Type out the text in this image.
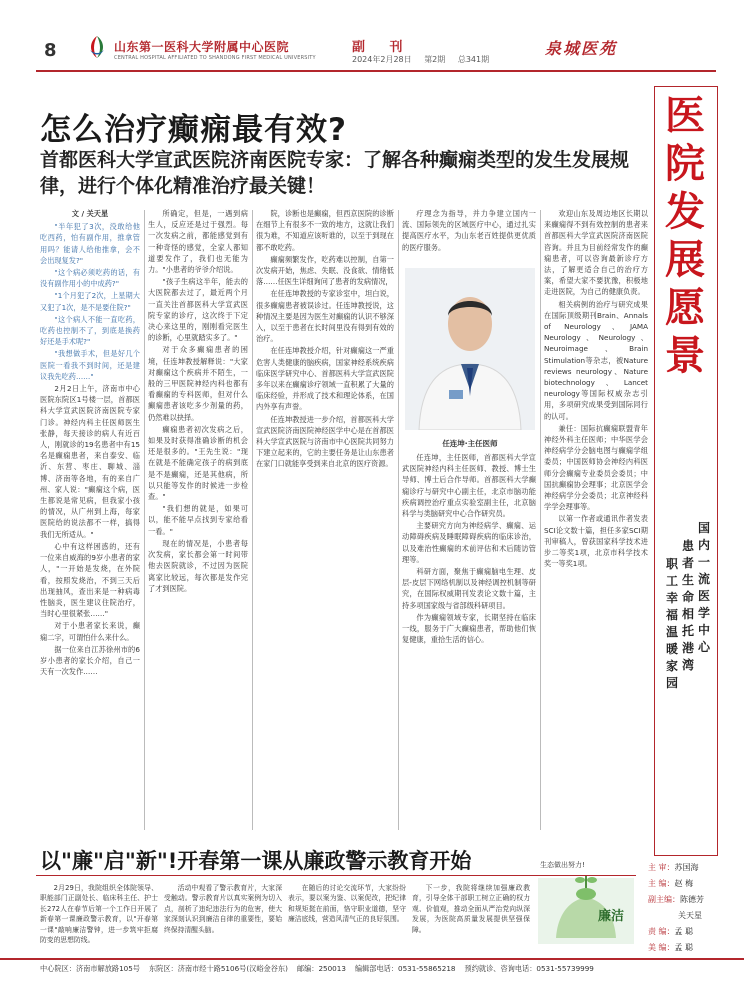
8	山东第一医科大学附属中心医院
CENTRAL HOSPITAL AFFILIATED TO SHANDONG FIRST MEDICAL UNIVERSITY
副 刊
2024年2月28日 第2期 总341期
泉城医苑
怎么治疗癫痫最有效?
首都医科大学宣武医院济南医院专家：了解各种癫痫类型的发生发展规律，进行个体化精准治疗最关键！

文 / 关天星

"半年犯了3次，没敢给他吃西药，怕有副作用，推拿管用吗？能请人给他推拿，会不会出现复发?"

"这个病必须吃药的话，有没有副作用小的中成药?"

"1个月犯了2次，上星期大又犯了1次，是不是要住院?"

"这个病人不能一直吃药，吃药也控制不了，到底是换药好还是手术呢?"

"我想做手术，但是好几个医院一看我不到时间，还是建议我先吃药……"

2月2日上午，济南市中心医院东院区1号楼一层，首都医科大学宣武医院济南医院专家门诊。神经内科主任医师医生张静，每天接诊的病人有近百人，刚就诊的19名患者中有15名是癫痫患者，来自泰安、临沂、东营、枣庄、聊城、淄博、济南等各地，有的来自广州、家人说："癫痫这个病，医生都说是常见病，但我家小孩的情况，从广州到上海，每家医院给的说法都不一样，搞得我们无所适从。"

心中有这样困惑的，还有一位来自威海的9岁小患者的家人，"一开始是发烧，在外院看，按照发烧治，不到三天后出现抽风，查出来是一种病毒性脑炎，医生建议住院治疗，当时心里很紧张……"

对于小患者家长来说，癫痫二字，可谓怕什么来什么。

据一位来自江苏徐州市的6岁小患者的家长介绍，自己一天有一次发作……

所确定，但是，一遇到病生人，反应还是过于强烈。每一次发病之前，都能感觉到有一种奇怪的感觉，全家人都知道要发作了，我们也无能为力。"小患者的爷爷介绍说。

"孩子生病这半年，能去的大医院都去过了，最近两个月一直关注首都医科大学宣武医院专家的诊疗，这次终于下定决心来这里的，刚刚看完医生的诊断，心里就踏实多了。"

对于众多癫痫患者的困境，任连坤教授解释说："大家对癫痫这个疾病并不陌生，一般的三甲医院神经内科也都有看癫痫的专科医师，但对什么癫痫患者该吃多少剂量的药，仍然难以抉择。

癫痫患者初次发病之后，如果及时获得准确诊断的机会还是很多的。"王先生说："现在就是不能确定孩子的病到底是不是癫痫，还是其他病，所以只能等发作的时候进一步检查。"

"我们想的就是，如果可以，能不能早点找到专家给看一看。"

现在的情况是，小患者每次发病，家长都会第一时间带他去医院就诊，不过因为医院离家比较远，每次都是发作完了才到医院。

院，诊断也是癫痫，但西京医院的诊断在细节上有很多不一致的地方，这就让我们很为难，不知道应该听谁的，以至于到现在都不敢吃药。

癫痫频繁发作，吃药难以控制，自第一次发病开始，焦虑、失眠、没食欲、情绪低落……任医生详细询问了患者的发病情况，

在任连坤教授的专家诊室中，坦白说，很多癫痫患者被误诊过。任连坤教授说，这种情况主要是因为医生对癫痫的认识不够深入，以至于患者在长时间里没有得到有效的治疗。

在任连坤教授介绍，针对癫痫这一严重危害人类健康的脑疾病，国家神经系统疾病临床医学研究中心、首都医科大学宣武医院多年以来在癫痫诊疗领域一直积累了大量的临床经验，并形成了技术和理论体系，在国内外享有声誉。

任连坤教授进一步介绍，首都医科大学宣武医院济南医院神经医学中心是在首都医科大学宣武医院与济南市中心医院共同努力下建立起来的，它的主要任务是让山东患者在家门口就能享受到来自北京的医疗资源。

任连坤·主任医师

疗理念为指导，并力争建立国内一流、国际领先的区域医疗中心，通过扎实提高医疗水平，为山东老百姓提供更优质的医疗服务。

任连坤，主任医师，首都医科大学宣武医院神经内科主任医师、教授、博士生导师、博士后合作导师。首都医科大学癫痫诊疗与研究中心副主任，北京市脑功能疾病调控治疗重点实验室副主任，北京脑科学与类脑研究中心合作研究员。

主要研究方向为神经病学、癫痫、运动障碍疾病及睡眠障碍疾病的临床诊治，以及难治性癫痫的术前评估和术后随访管理等。

科研方面，聚焦于癫痫脑电生理、皮层-皮层下网络机制以及神经调控机制等研究，在国际权威期刊发表论文数十篇，主持多项国家级与省部级科研项目。

作为癫痫领域专家，长期坚持在临床一线，服务于广大癫痫患者，帮助他们恢复健康，重拾生活的信心。

欢迎山东及周边地区长期以来癫痫得不到有效控制的患者来首都医科大学宣武医院济南医院咨询。并且为目前经常发作的癫痫患者，可以咨询最新诊疗方法，了解更适合自己的治疗方案，希望大家不要犹豫，积极地走进医院，为自己的健康负责。

相关病例的治疗与研究成果在国际顶级期刊Brain、Annals of Neurology、JAMA Neurology、Neurology、Neuroimage、Brain Stimulation等杂志，被Nature reviews neurology、Nature biotechnology、Lancet neurology等国际权威杂志引用，多项研究成果受到国际同行的认可。

兼任：国际抗癫痫联盟青年神经外科主任医师；中华医学会神经病学分会脑电图与癫痫学组委员；中国医师协会神经内科医师分会癫痫专业委员会委员；中国抗癫痫协会理事；北京医学会神经病学分会委员；北京神经科学学会理事等。

以第一作者或通讯作者发表SCI论文数十篇，担任多家SCI期刊审稿人，曾获国家科学技术进步二等奖1项，北京市科学技术奖一等奖1项。

医
院
发
展
愿
景
国内一流医学中心
患者生命相托港湾
职工幸福温暖家园
以"廉"启"新"!开春第一课从廉政警示教育开始

2月29日，我院组织全体院领导、职能部门正副处长、临床科主任、护士长272人在春节后第一个工作日开展了新春第一课廉政警示教育，以"开春第一课"敲响廉洁警钟，进一步筑牢拒腐防变的思想防线。

活动中观看了警示教育片，大家深受触动。警示教育片以真实案例为切入点，剖析了违纪违法行为的危害，使大家深刻认识到廉洁自律的重要性，要始终保持清醒头脑。

在随后的讨论交流环节，大家纷纷表示，要以案为鉴、以案促改，把纪律和规矩挺在前面，恪守职业道德，坚守廉洁底线，营造风清气正的良好氛围。

下一步，我院将继续加强廉政教育，引导全体干部职工树立正确的权力观、价值观，推动全面从严治党向纵深发展，为医院高质量发展提供坚强保障。

生态做出努力!
廉洁
主 审：苏国海
主 编：赵 梅
副主编：陈德芳
关天星
责 编：孟 聪
美 编：孟 聪
中心院区：济南市解放路105号 东院区：济南市经十路5106号(汉峪金谷东) 邮编：250013 编辑部电话：0531-55865218 预约就诊、咨询电话：0531-55739999
